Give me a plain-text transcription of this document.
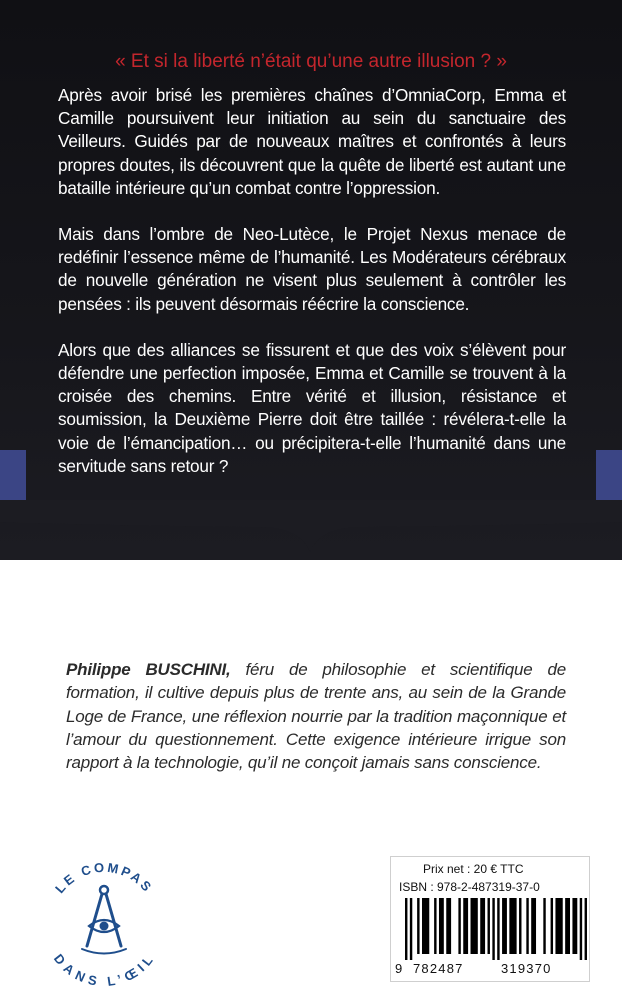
« Et si la liberté n’était qu’une autre illusion ? »

Après avoir brisé les premières chaînes d’OmniaCorp, Emma et Camille poursuivent leur initiation au sein du sanctuaire des Veilleurs. Guidés par de nouveaux maîtres et confrontés à leurs propres doutes, ils découvrent que la quête de liberté est autant une bataille intérieure qu’un combat contre l’oppression.

Mais dans l’ombre de Neo-Lutèce, le Projet Nexus menace de redéfinir l’essence même de l’humanité. Les Modérateurs cérébraux de nouvelle génération ne visent plus seulement à contrôler les pensées : ils peuvent désormais réécrire la conscience.

Alors que des alliances se fissurent et que des voix s’élèvent pour défendre une perfection imposée, Emma et Camille se trouvent à la croisée des chemins. Entre vérité et illusion, résistance et soumission, la Deuxième Pierre doit être taillée : révélera-t-elle la voie de l’émancipation… ou précipitera-t-elle l’humanité dans une servitude sans retour ?

Philippe BUSCHINI, féru de philosophie et scientifique de formation, il cultive depuis plus de trente ans, au sein de la Grande Loge de France, une réflexion nourrie par la tradition maçonnique et l’amour du questionnement. Cette exigence intérieure irrigue son rapport à la technologie, qu’il ne conçoit jamais sans conscience.
LE COMPAS
DANS L’ŒIL
Prix net : 20 € TTC
ISBN : 978-2-487319-37-0
9 782487	319370
